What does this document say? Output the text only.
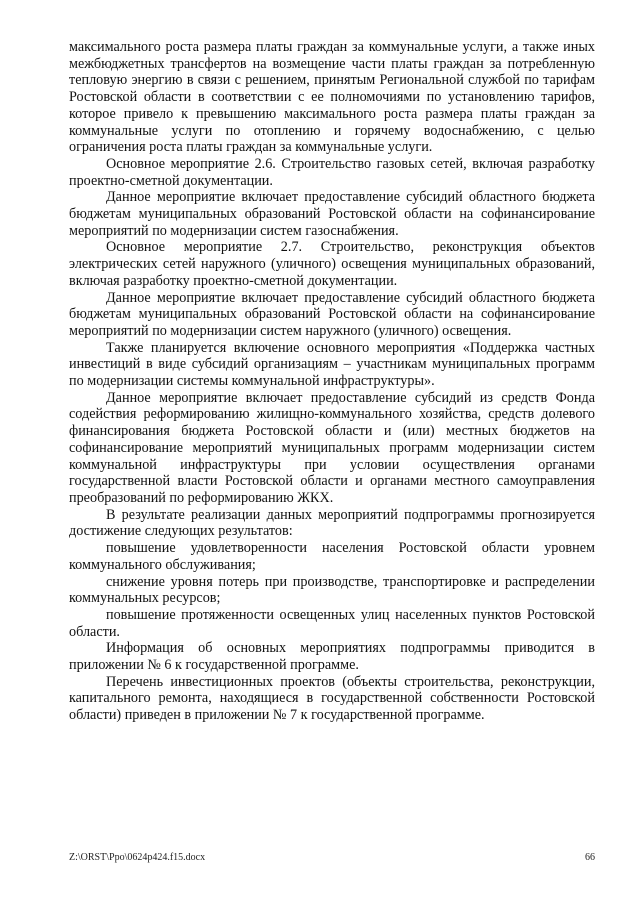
максимального роста размера платы граждан за коммунальные услуги, а также иных межбюджетных трансфертов на возмещение части платы граждан за потребленную тепловую энергию в связи с решением, принятым Региональной службой по тарифам Ростовской области в соответствии с ее полномочиями по установлению тарифов, которое привело к превышению максимального роста размера платы граждан за коммунальные услуги по отоплению и горячему водоснабжению, с целью ограничения роста платы граждан за коммунальные услуги.

Основное мероприятие 2.6. Строительство газовых сетей, включая разработку проектно-сметной документации.

Данное мероприятие включает предоставление субсидий областного бюджета бюджетам муниципальных образований Ростовской области на софинансирование мероприятий по модернизации систем газоснабжения.

Основное мероприятие 2.7. Строительство, реконструкция объектов электрических сетей наружного (уличного) освещения муниципальных образований, включая разработку проектно-сметной документации.

Данное мероприятие включает предоставление субсидий областного бюджета бюджетам муниципальных образований Ростовской области на софинансирование мероприятий по модернизации систем наружного (уличного) освещения.

Также планируется включение основного мероприятия «Поддержка частных инвестиций в виде субсидий организациям – участникам муниципальных программ по модернизации системы коммунальной инфраструктуры».

Данное мероприятие включает предоставление субсидий из средств Фонда содействия реформированию жилищно-коммунального хозяйства, средств долевого финансирования бюджета Ростовской области и (или) местных бюджетов на софинансирование мероприятий муниципальных программ модернизации систем коммунальной инфраструктуры при условии осуществления органами государственной власти Ростовской области и органами местного самоуправления преобразований по реформированию ЖКХ.

В результате реализации данных мероприятий подпрограммы прогнозируется достижение следующих результатов:

повышение удовлетворенности населения Ростовской области уровнем коммунального обслуживания;

снижение уровня потерь при производстве, транспортировке и распределении коммунальных ресурсов;

повышение протяженности освещенных улиц населенных пунктов Ростовской области.

Информация об основных мероприятиях подпрограммы приводится в приложении № 6 к государственной программе.

Перечень инвестиционных проектов (объекты строительства, реконструкции, капитального ремонта, находящиеся в государственной собственности Ростовской области) приведен в приложении № 7 к государственной программе.

Z:\ORST\Ppo\0624p424.f15.docx	66
